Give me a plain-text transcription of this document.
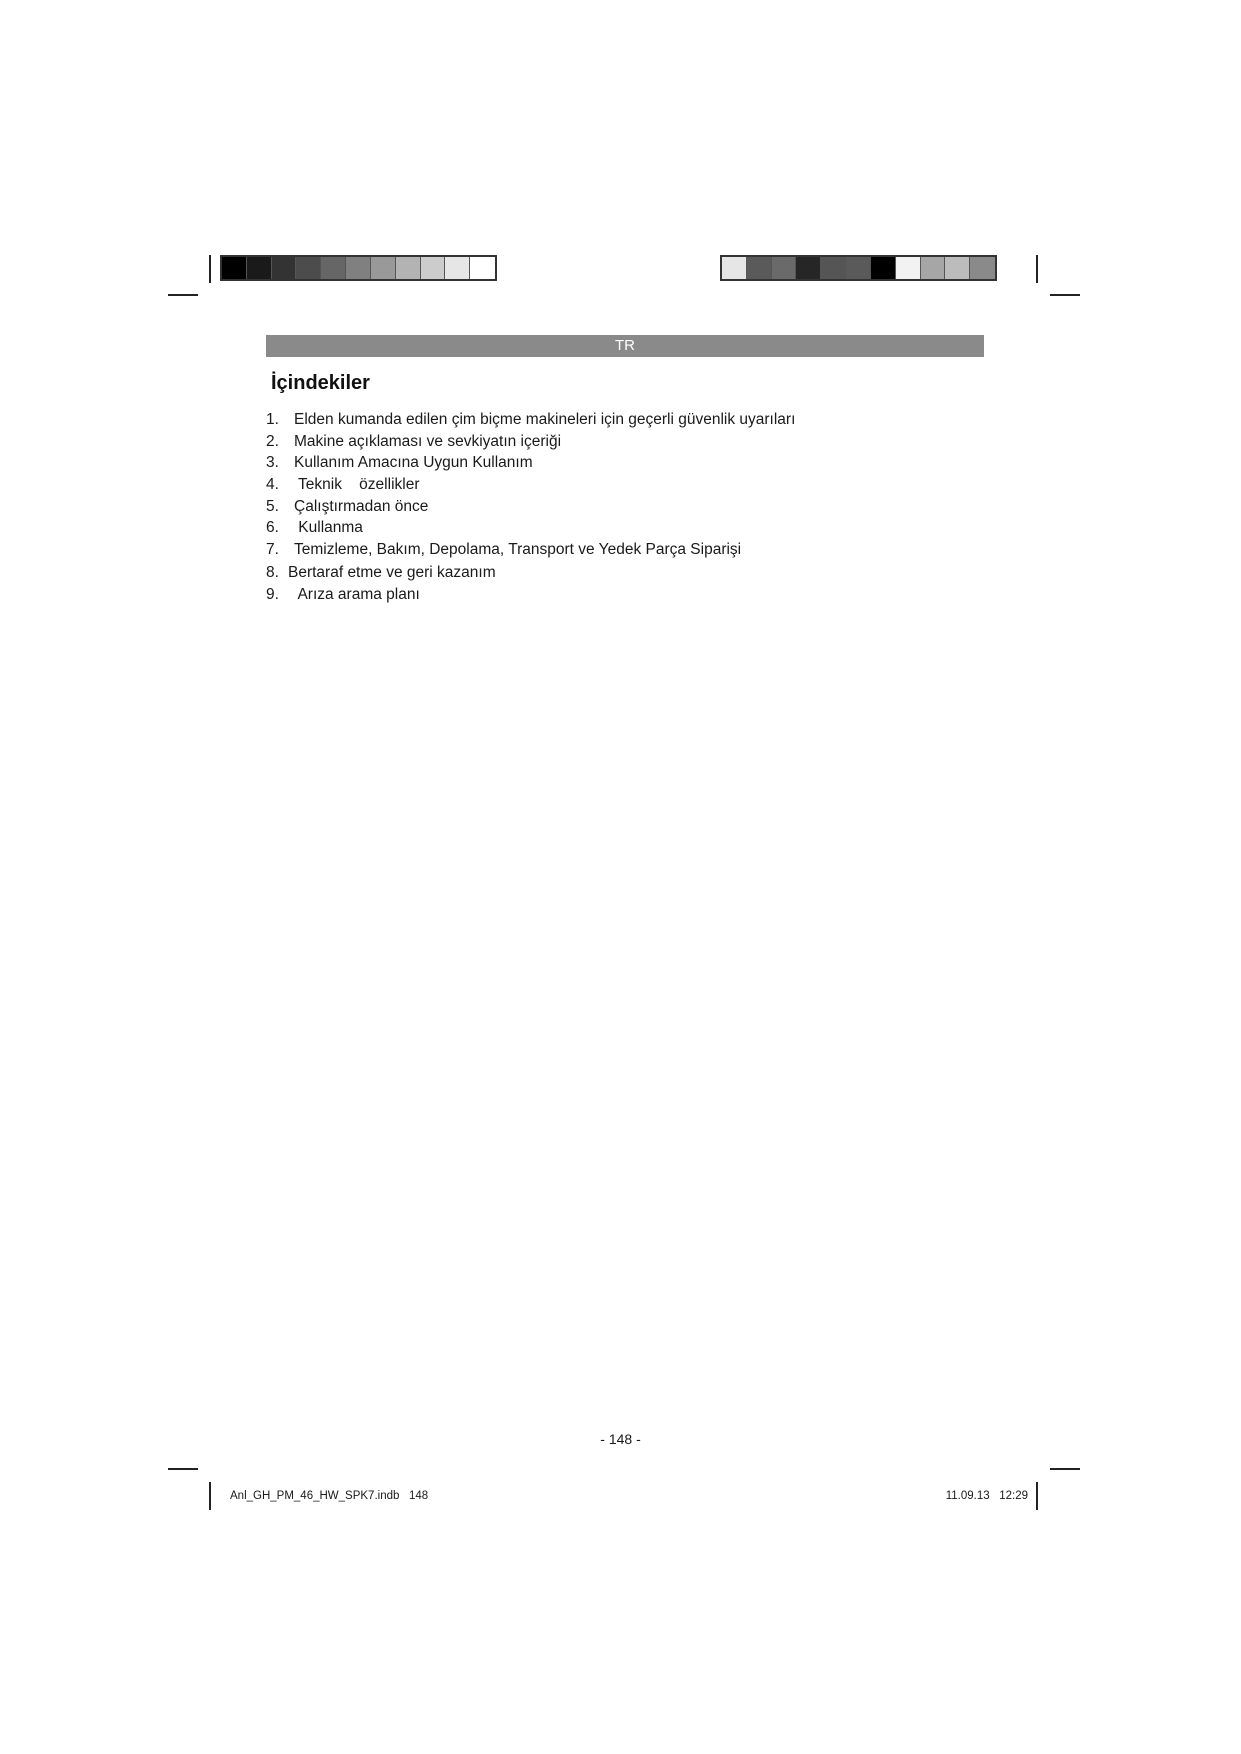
TR
İçindekiler
1. Elden kumanda edilen çim biçme makineleri için geçerli güvenlik uyarıları
2. Makine açıklaması ve sevkiyatın içeriği
3. Kullanım Amacına Uygun Kullanım
4. Teknik    özellikler
5. Çalıştırmadan önce
6. Kullanma
7. Temizleme, Bakım, Depolama, Transport ve Yedek Parça Siparişi
8. Bertaraf etme ve geri kazanım
9. Arıza arama planı
- 148 -
Anl_GH_PM_46_HW_SPK7.indb   148	11.09.13   12:29
